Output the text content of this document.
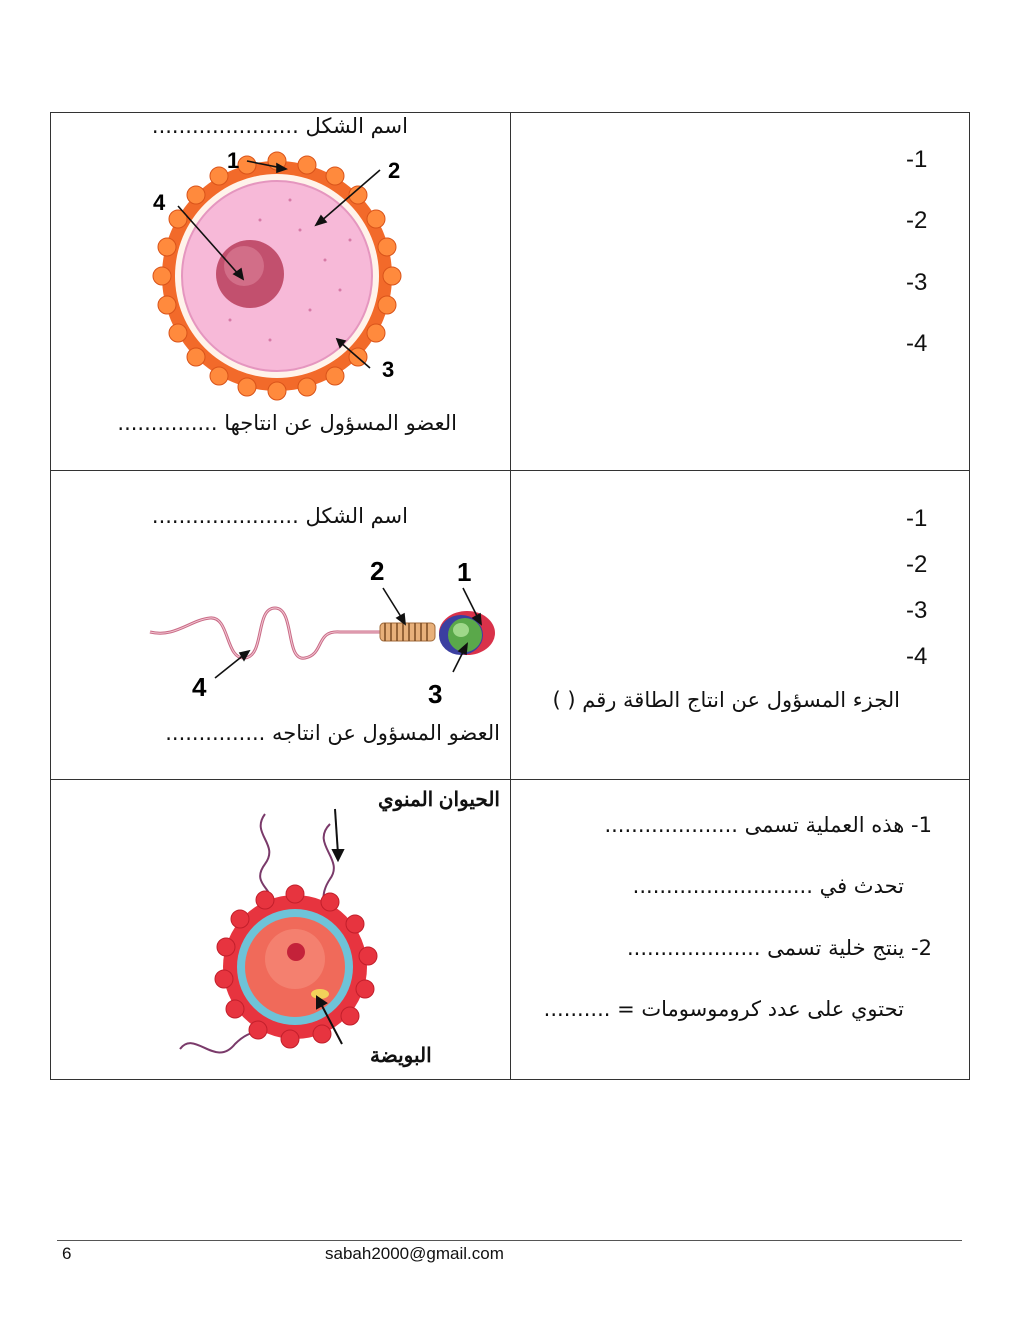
اسم الشكل ......................
1	2
3
4
العضو المسؤول عن انتاجها ...............
-1
-2
-3
-4
اسم الشكل ......................
2	1
3
4
العضو المسؤول عن انتاجه ...............
-1
-2
-3
-4
الجزء المسؤول عن انتاج الطاقة رقم ( )
الحيوان المنوي
البويضة
1- هذه العملية تسمى ....................
تحدث في ...........................
2- ينتج خلية تسمى ....................
تحتوي على عدد كروموسومات = ..........
6	sabah2000@gmail.com
